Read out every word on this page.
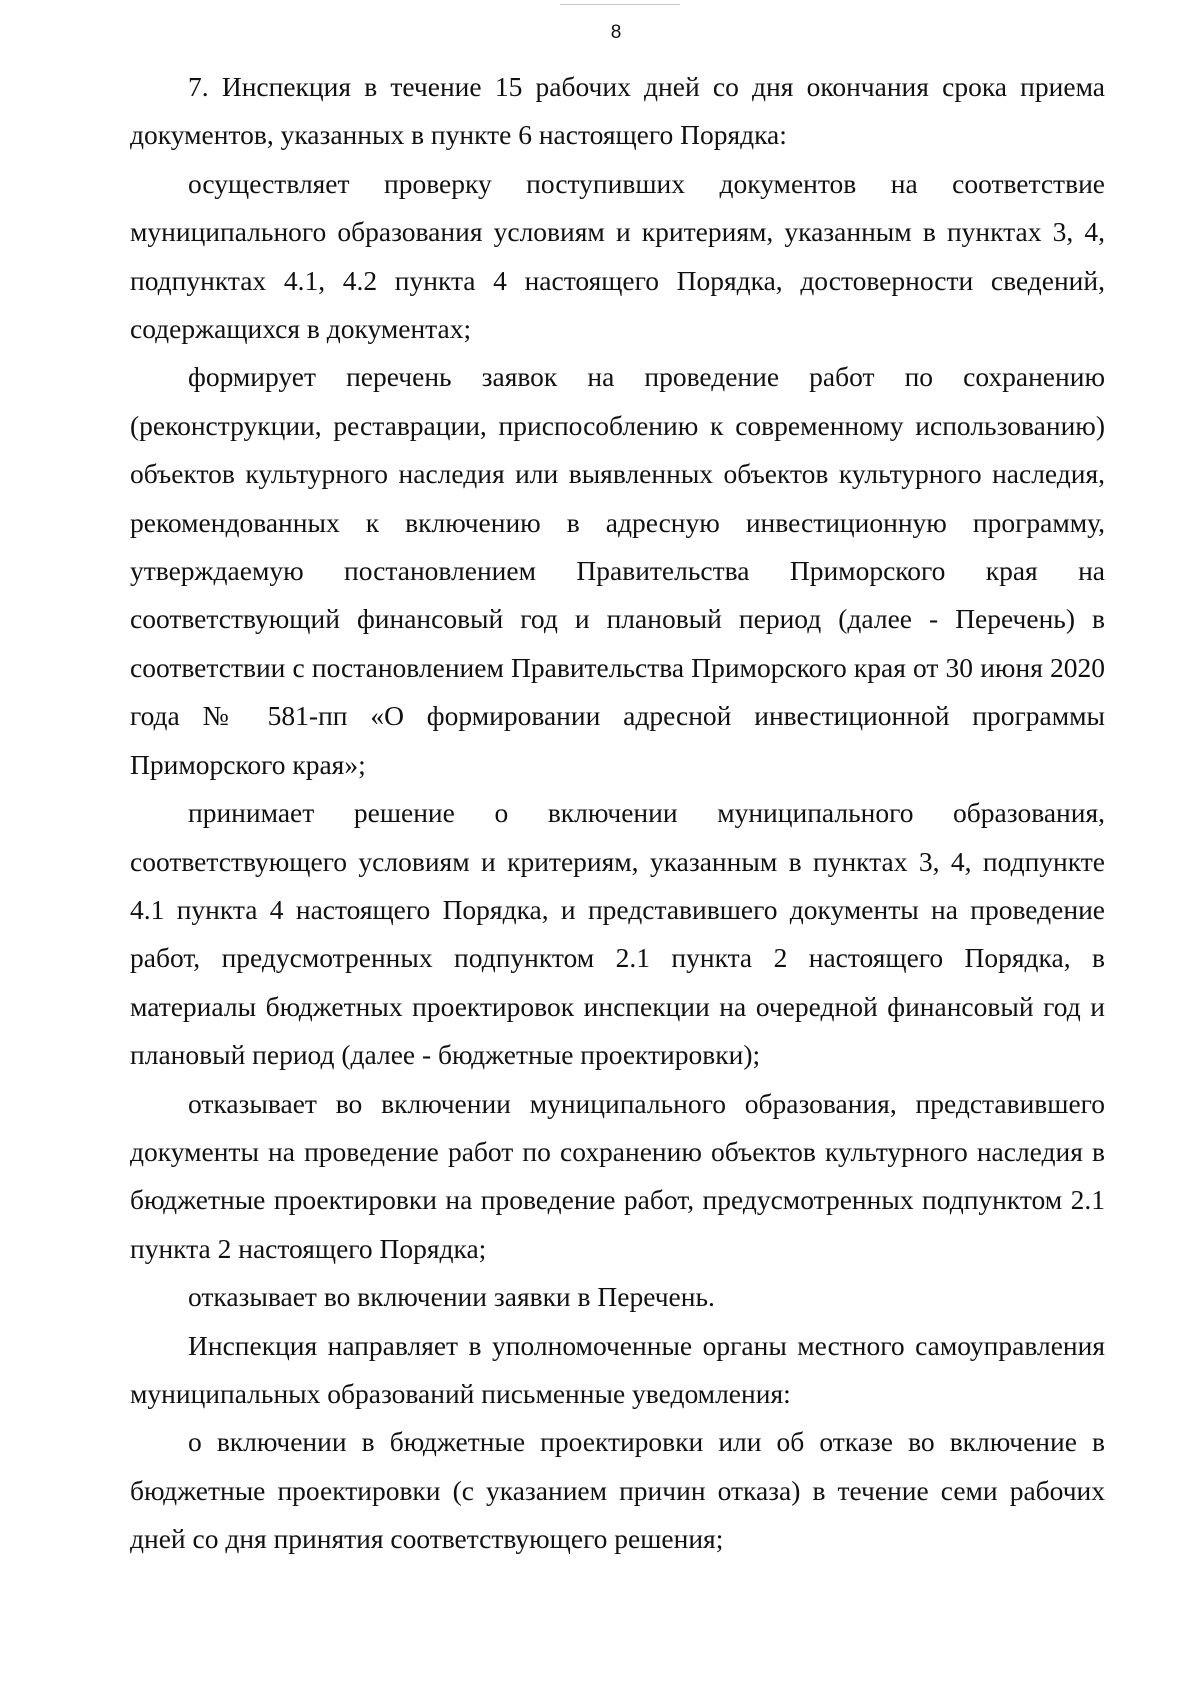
8

7. Инспекция в течение 15 рабочих дней со дня окончания срока приема документов, указанных в пункте 6 настоящего Порядка:

осуществляет проверку поступивших документов на соответствие муниципального образования условиям и критериям, указанным в пунктах 3, 4, подпунктах 4.1, 4.2 пункта 4 настоящего Порядка, достоверности сведений, содержащихся в документах;

формирует перечень заявок на проведение работ по сохранению (реконструкции, реставрации, приспособлению к современному использованию) объектов культурного наследия или выявленных объектов культурного наследия, рекомендованных к включению в адресную инвестиционную программу, утверждаемую постановлением Правительства Приморского края на соответствующий финансовый год и плановый период (далее - Перечень) в соответствии с постановлением Правительства Приморского края от 30 июня 2020 года № 581-пп «О формировании адресной инвестиционной программы Приморского края»;

принимает решение о включении муниципального образования, соответствующего условиям и критериям, указанным в пунктах 3, 4, подпункте 4.1 пункта 4 настоящего Порядка, и представившего документы на проведение работ, предусмотренных подпунктом 2.1 пункта 2 настоящего Порядка, в материалы бюджетных проектировок инспекции на очередной финансовый год и плановый период (далее - бюджетные проектировки);

отказывает во включении муниципального образования, представившего документы на проведение работ по сохранению объектов культурного наследия в бюджетные проектировки на проведение работ, предусмотренных подпунктом 2.1 пункта 2 настоящего Порядка;

отказывает во включении заявки в Перечень.

Инспекция направляет в уполномоченные органы местного самоуправления муниципальных образований письменные уведомления:

о включении в бюджетные проектировки или об отказе во включение в бюджетные проектировки (с указанием причин отказа) в течение семи рабочих дней со дня принятия соответствующего решения;
